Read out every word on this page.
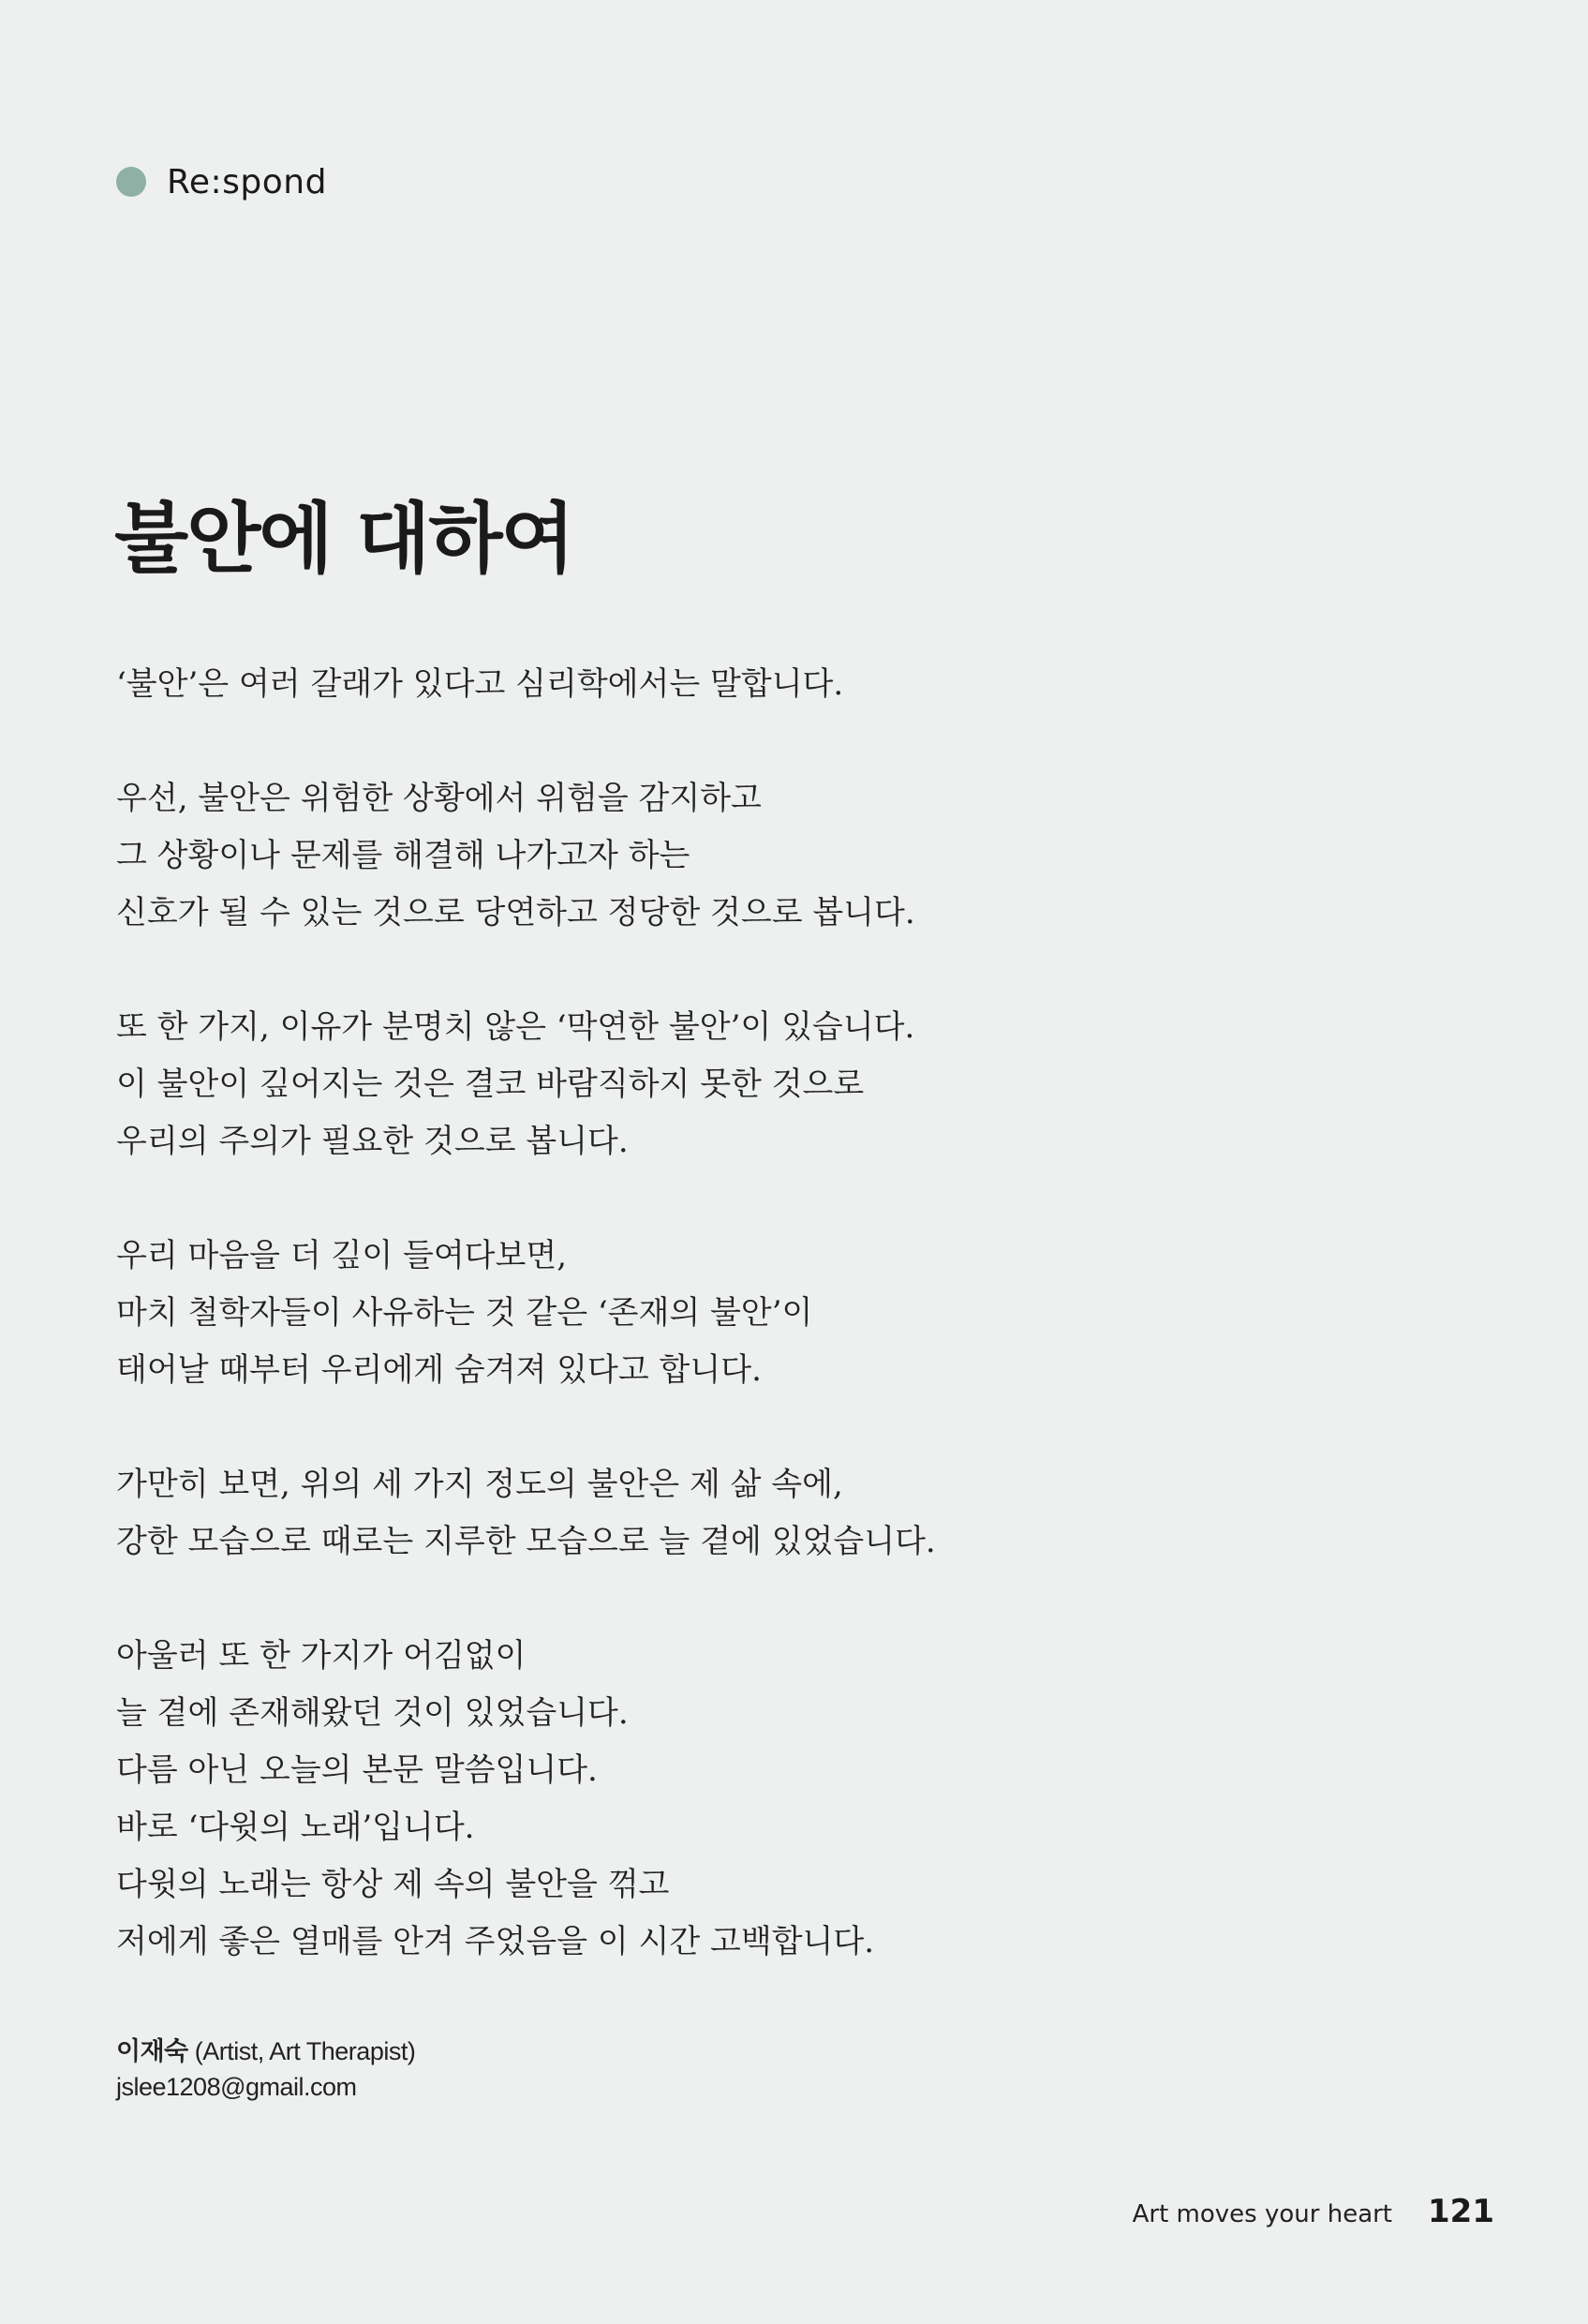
Re:spond
불안에 대하여

‘불안’은 여러 갈래가 있다고 심리학에서는 말합니다.

우선, 불안은 위험한 상황에서 위험을 감지하고
그 상황이나 문제를 해결해 나가고자 하는
신호가 될 수 있는 것으로 당연하고 정당한 것으로 봅니다.

또 한 가지, 이유가 분명치 않은 ‘막연한 불안’이 있습니다.
이 불안이 깊어지는 것은 결코 바람직하지 못한 것으로
우리의 주의가 필요한 것으로 봅니다.

우리 마음을 더 깊이 들여다보면,
마치 철학자들이 사유하는 것 같은 ‘존재의 불안’이
태어날 때부터 우리에게 숨겨져 있다고 합니다.

가만히 보면, 위의 세 가지 정도의 불안은 제 삶 속에,
강한 모습으로 때로는 지루한 모습으로 늘 곁에 있었습니다.

아울러 또 한 가지가 어김없이
늘 곁에 존재해왔던 것이 있었습니다.
다름 아닌 오늘의 본문 말씀입니다.
바로 ‘다윗의 노래’입니다.
다윗의 노래는 항상 제 속의 불안을 꺾고
저에게 좋은 열매를 안겨 주었음을 이 시간 고백합니다.

이재숙 (Artist, Art Therapist)
jslee1208@gmail.com
Art moves your heart 121
